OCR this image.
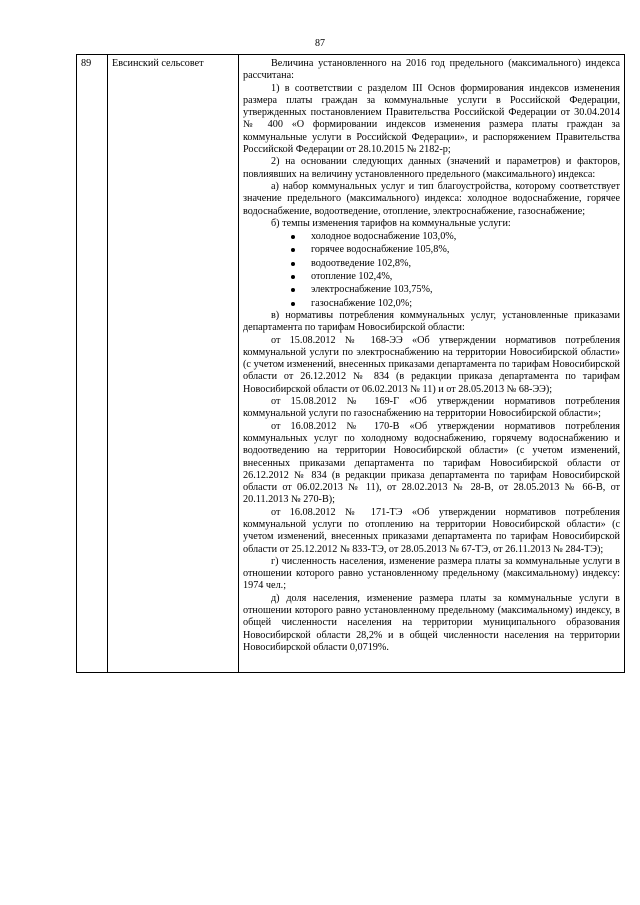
87
89	Евсинский сельсовет	Величина установленного на 2016 год предельного (максимального) индекса рассчитана:

1) в соответствии с разделом III Основ формирования индексов изменения размера платы граждан за коммунальные услуги в Российской Федерации, утвержденных постановлением Правительства Российской Федерации от 30.04.2014 № 400 «О формировании индексов изменения размера платы граждан за коммунальные услуги в Российской Федерации», и распоряжением Правительства Российской Федерации от 28.10.2015 № 2182-р;

2) на основании следующих данных (значений и параметров) и факторов, повлиявших на величину установленного предельного (максимального) индекса:

а) набор коммунальных услуг и тип благоустройства, которому соответствует значение предельного (максимального) индекса: холодное водоснабжение, горячее водоснабжение, водоотведение, отопление, электроснабжение, газоснабжение;

б) темпы изменения тарифов на коммунальные услуги:

холодное водоснабжение 103,0%,
горячее водоснабжение 105,8%,
водоотведение 102,8%,
отопление 102,4%,
электроснабжение 103,75%,
газоснабжение 102,0%;

в) нормативы потребления коммунальных услуг, установленные приказами департамента по тарифам Новосибирской области:

от 15.08.2012 № 168-ЭЭ «Об утверждении нормативов потребления коммунальной услуги по электроснабжению на территории Новосибирской области» (с учетом изменений, внесенных приказами департамента по тарифам Новосибирской области от 26.12.2012 № 834 (в редакции приказа департамента по тарифам Новосибирской области от 06.02.2013 № 11) и от 28.05.2013 № 68-ЭЭ);

от 15.08.2012 № 169-Г «Об утверждении нормативов потребления коммунальной услуги по газоснабжению на территории Новосибирской области»;

от 16.08.2012 № 170-В «Об утверждении нормативов потребления коммунальных услуг по холодному водоснабжению, горячему водоснабжению и водоотведению на территории Новосибирской области» (с учетом изменений, внесенных приказами департамента по тарифам Новосибирской области от 26.12.2012 № 834 (в редакции приказа департамента по тарифам Новосибирской области от 06.02.2013 № 11), от 28.02.2013 № 28-В, от 28.05.2013 № 66-В, от 20.11.2013 № 270-В);

от 16.08.2012 № 171-ТЭ «Об утверждении нормативов потребления коммунальной услуги по отоплению на территории Новосибирской области» (с учетом изменений, внесенных приказами департамента по тарифам Новосибирской области от 25.12.2012 № 833-ТЭ, от 28.05.2013 № 67-ТЭ, от 26.11.2013 № 284-ТЭ);

г) численность населения, изменение размера платы за коммунальные услуги в отношении которого равно установленному предельному (максимальному) индексу: 1974 чел.;

д) доля населения, изменение размера платы за коммунальные услуги в отношении которого равно установленному предельному (максимальному) индексу, в общей численности населения на территории муниципального образования Новосибирской области 28,2% и в общей численности населения на территории Новосибирской области 0,0719%.
